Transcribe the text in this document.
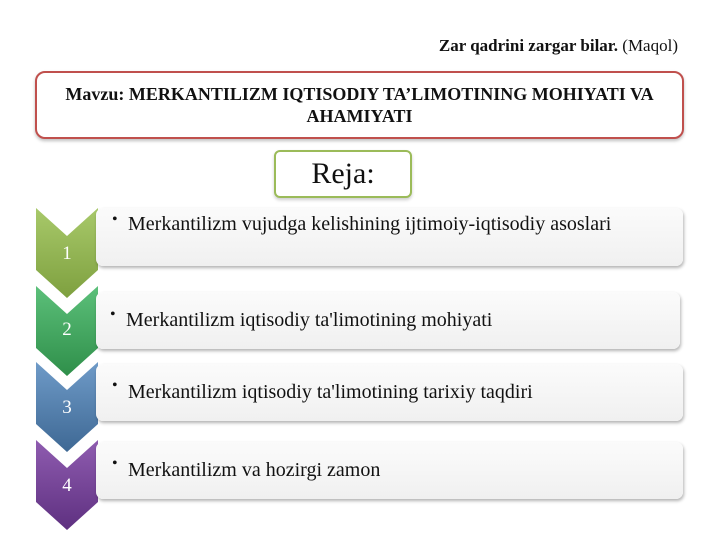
Zar qadrini zargar bilar. (Maqol)
Mavzu: MERKANTILIZM IQTISODIY TA’LIMOTINING MOHIYATI VA AHAMIYATI
Reja:
1
• Merkantilizm vujudga kelishining ijtimoiy-iqtisodiy asoslari
2
• Merkantilizm iqtisodiy ta'limotining mohiyati
3
• Merkantilizm iqtisodiy ta'limotining tarixiy taqdiri
4
• Merkantilizm va hozirgi zamon
